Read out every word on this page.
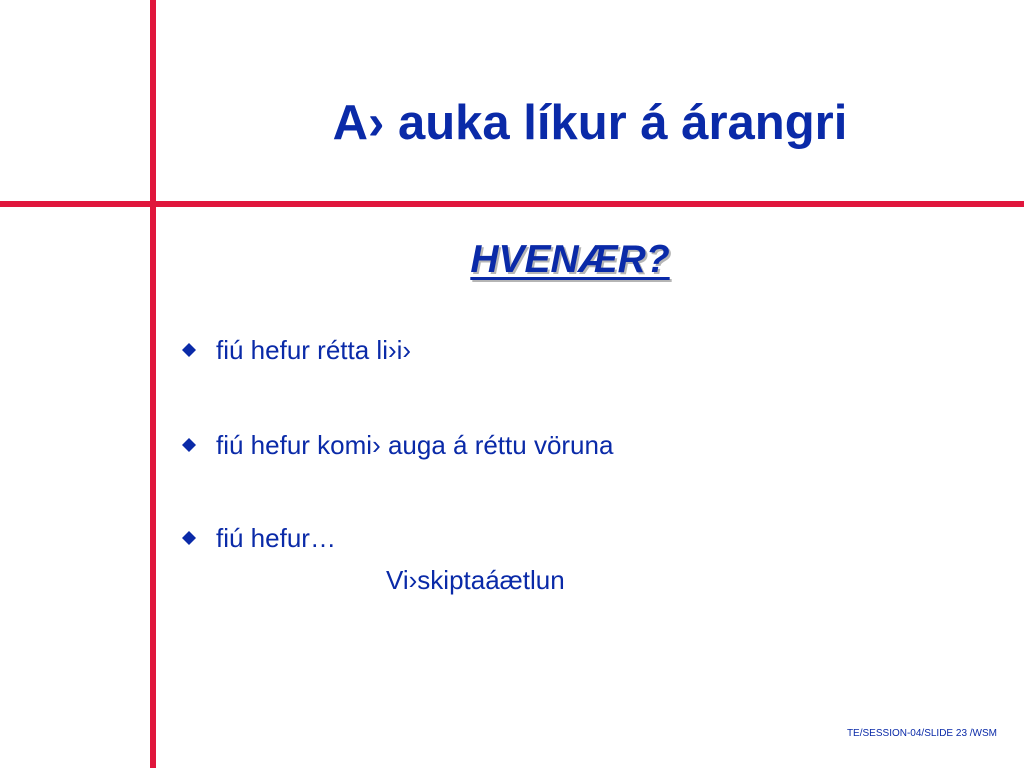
A› auka líkur á árangri
HVENÆR?
fiú hefur rétta li›i›
fiú hefur komi› auga á réttu vöruna
fiú hefur…
Vi›skiptaáætlun
TE/SESSION-04/SLIDE 23 /WSM
